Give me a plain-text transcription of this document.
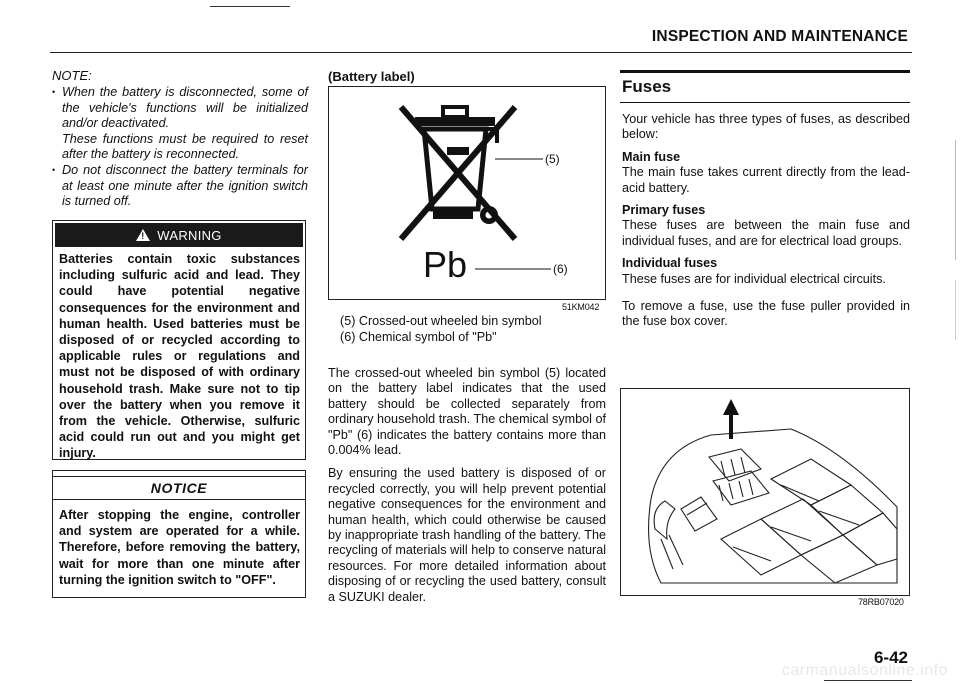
INSPECTION AND MAINTENANCE
NOTE:
• When the battery is disconnected, some of the vehicle's functions will be initialized and/or deactivated.
These functions must be required to reset after the battery is reconnected.
• Do not disconnect the battery terminals for at least one minute after the ignition switch is turned off.
! WARNING
Batteries contain toxic substances including sulfuric acid and lead. They could have potential negative consequences for the environment and human health. Used batteries must be disposed of or recycled according to applicable rules or regulations and must not be disposed of with ordinary household trash. Make sure not to tip over the battery when you remove it from the vehicle. Otherwise, sulfuric acid could run out and you might get injury.
NOTICE
After stopping the engine, controller and system are operated for a while. Therefore, before removing the battery, wait for more than one minute after turning the ignition switch to "OFF".
(Battery label)
Pb
(5)
(6)
51KM042
(5) Crossed-out wheeled bin symbol
(6) Chemical symbol of "Pb"

The crossed-out wheeled bin symbol (5) located on the battery label indicates that the used battery should be collected separately from ordinary household trash. The chemical symbol of "Pb" (6) indicates the battery contains more than 0.004% lead.

By ensuring the used battery is disposed of or recycled correctly, you will help prevent potential negative consequences for the environment and human health, which could otherwise be caused by inappropriate trash handling of the battery. The recycling of materials will help to conserve natural resources. For more detailed information about disposing of or recycling the used battery, consult a SUZUKI dealer.

Fuses

Your vehicle has three types of fuses, as described below:

Main fuse
The main fuse takes current directly from the lead-acid battery.

Primary fuses
These fuses are between the main fuse and individual fuses, and are for electrical load groups.

Individual fuses
These fuses are for individual electrical circuits.

To remove a fuse, use the fuse puller provided in the fuse box cover.

78RB07020
6-42
carmanualsonline.info
